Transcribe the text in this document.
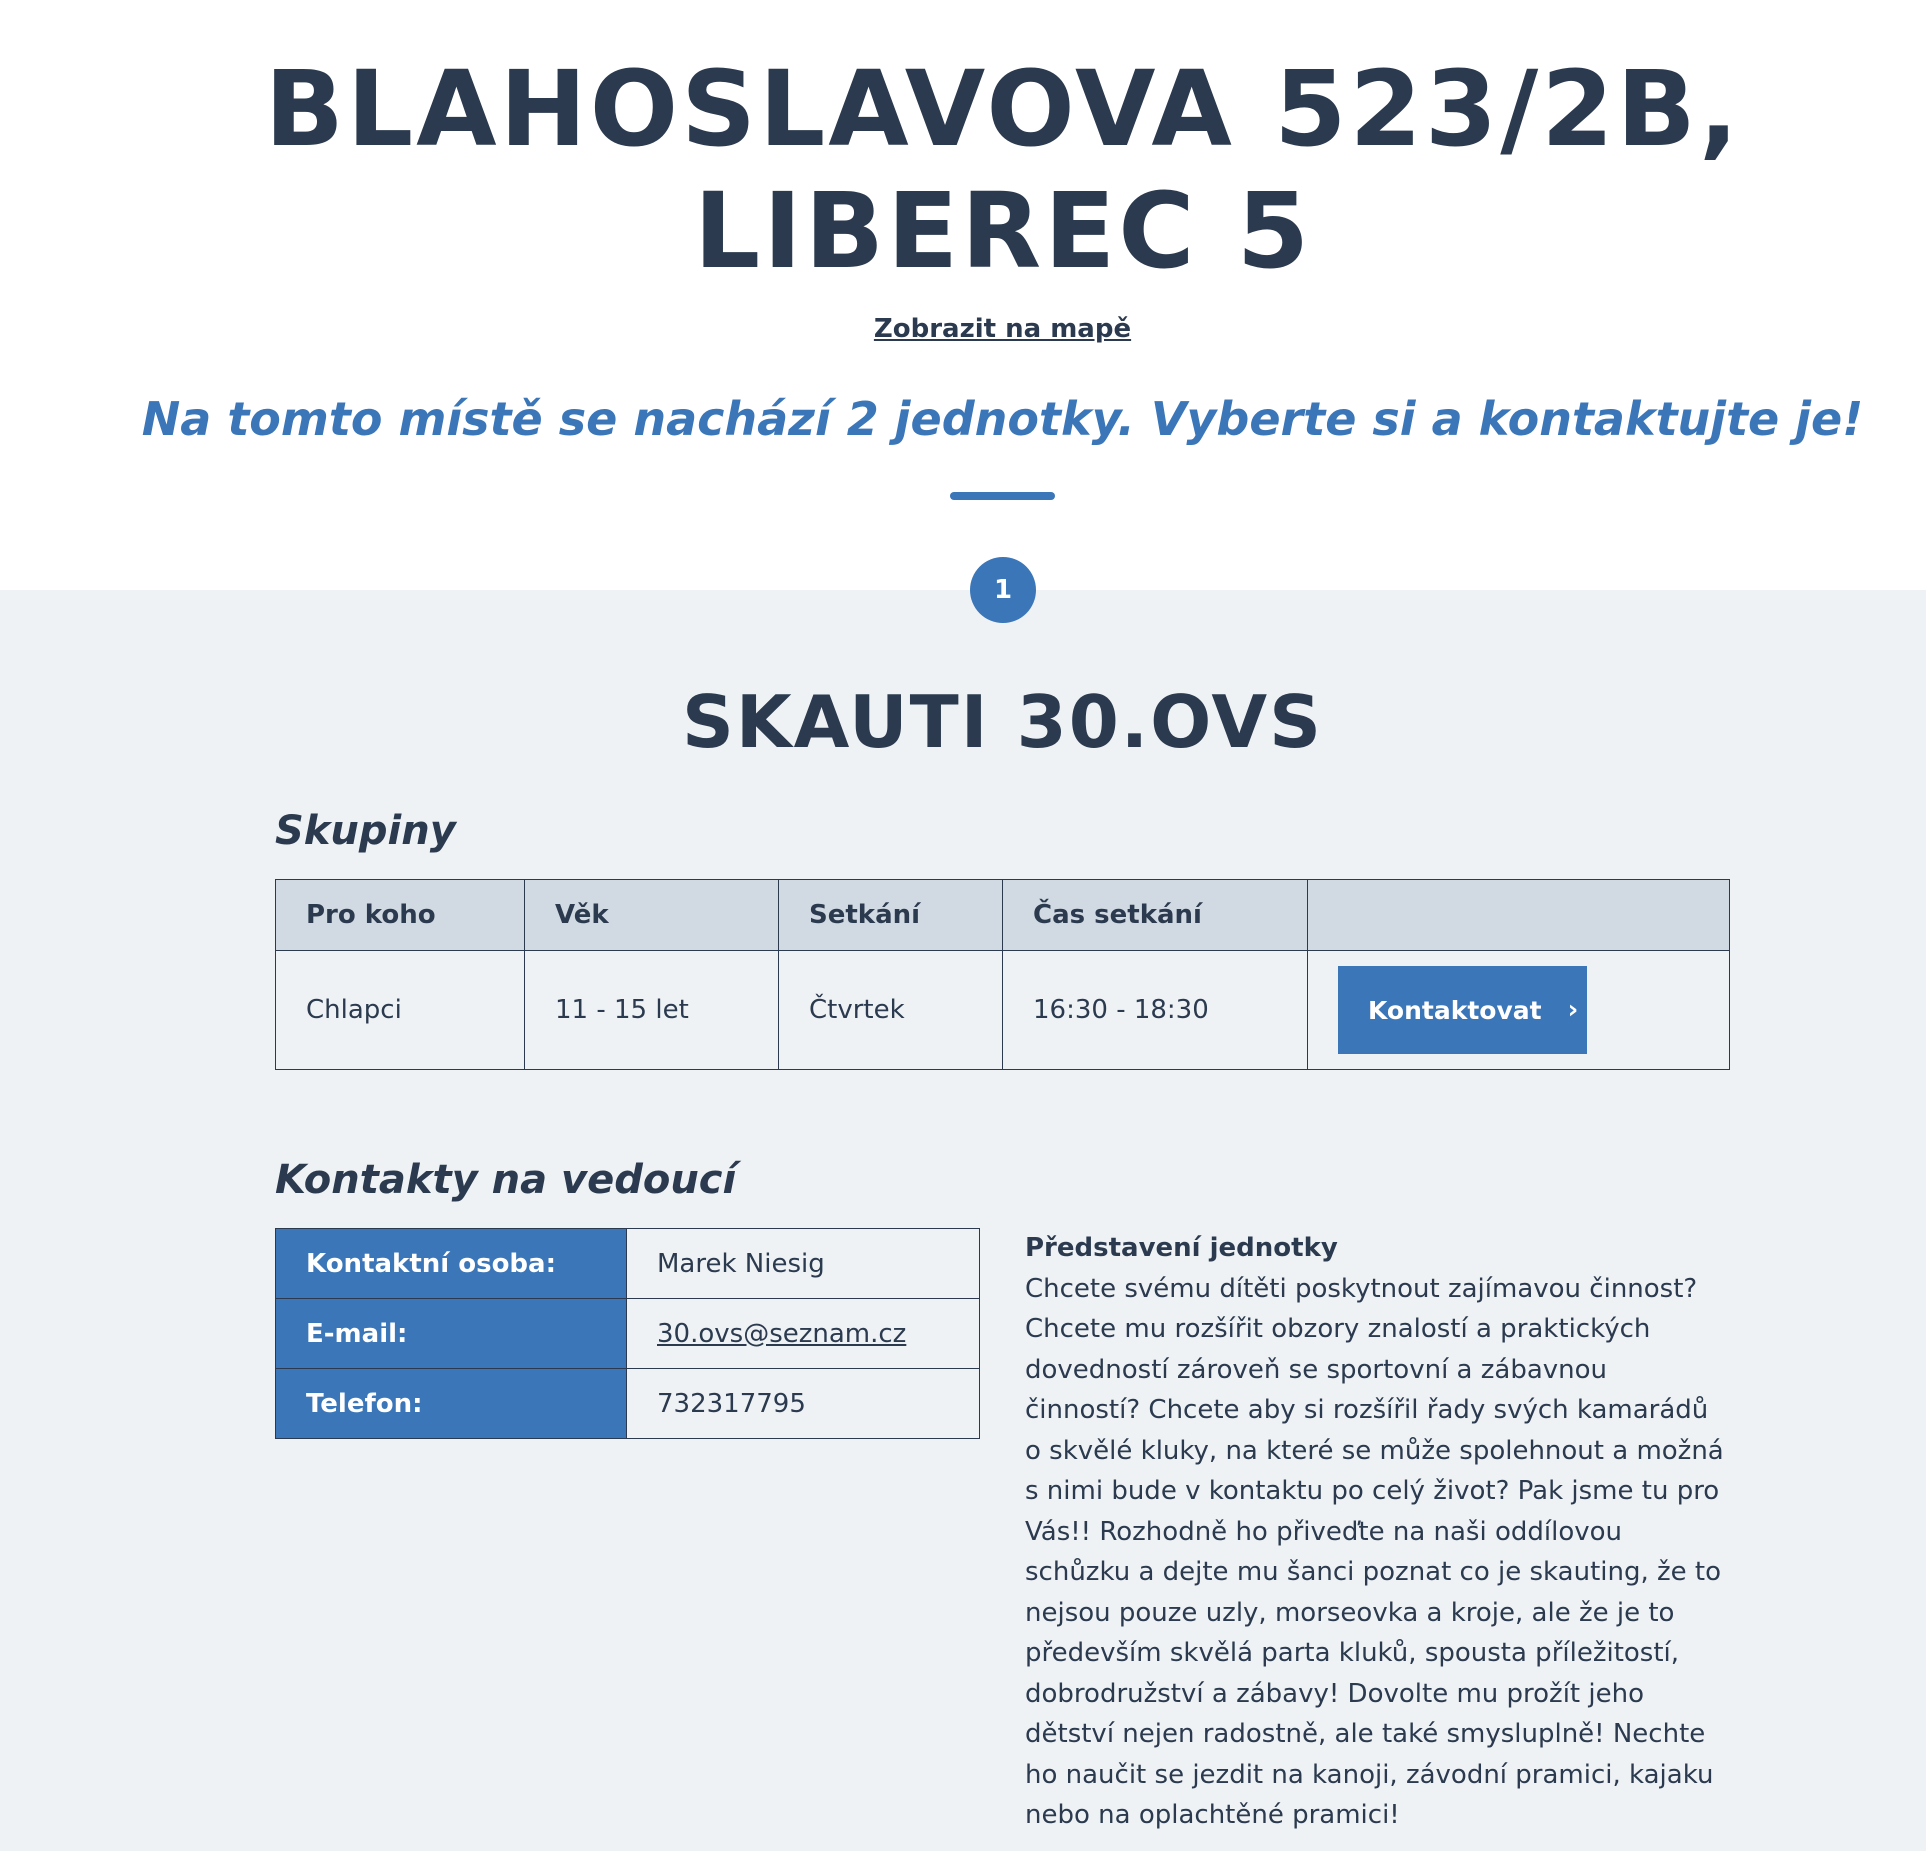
BLAHOSLAVOVA 523/2B, LIBEREC 5
Zobrazit na mapě
Na tomto místě se nachází 2 jednotky. Vyberte si a kontaktujte je!
1
SKAUTI 30.OVS
Skupiny
Pro koho	Věk	Setkání	Čas setkání	
Chlapci	11 - 15 let	Čtvrtek	16:30 - 18:30	Kontaktovat ›
Kontakty na vedoucí
Kontaktní osoba:	Marek Niesig
E-mail:	30.ovs@seznam.cz
Telefon:	732317795
Představení jednotky

Chcete svému dítěti poskytnout zajímavou činnost? Chcete mu rozšířit obzory znalostí a praktických dovedností zároveň se sportovní a zábavnou činností? Chcete aby si rozšířil řady svých kamarádů o skvělé kluky, na které se může spolehnout a možná s nimi bude v kontaktu po celý život? Pak jsme tu pro Vás!! Rozhodně ho přiveďte na naši oddílovou schůzku a dejte mu šanci poznat co je skauting, že to nejsou pouze uzly, morseovka a kroje, ale že je to především skvělá parta kluků, spousta příležitostí, dobrodružství a zábavy! Dovolte mu prožít jeho dětství nejen radostně, ale také smysluplně! Nechte ho naučit se jezdit na kanoji, závodní pramici, kajaku nebo na oplachtěné pramici!
